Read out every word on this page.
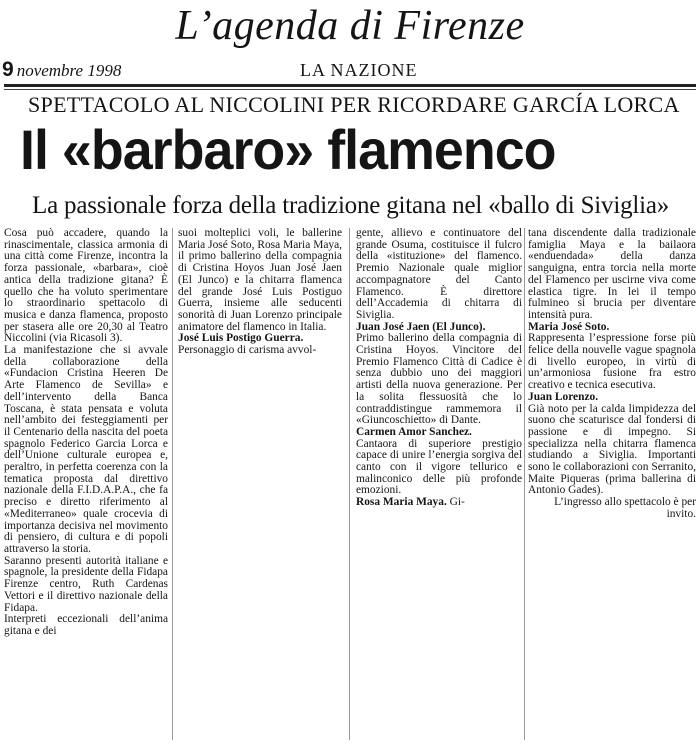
L’agenda di Firenze
9 novembre 1998	LA NAZIONE
SPETTACOLO AL NICCOLINI PER RICORDARE GARCÍA LORCA
Il «barbaro» flamenco
La passionale forza della tradizione gitana nel «ballo di Siviglia»

Cosa può accadere, quando la rinascimentale, classica armonia di una città come Firenze, incontra la forza passionale, «barbara», cioè antica della tradizione gitana? È quello che ha voluto sperimentare lo straordinario spettacolo di musica e danza flamenca, proposto per stasera alle ore 20,30 al Teatro Niccolini (via Ricasoli 3).

La manifestazione che si avvale della collaborazione della «Fundacion Cristina Heeren De Arte Flamenco de Sevilla» e dell’intervento della Banca Toscana, è stata pensata e voluta nell’ambito dei festeggiamenti per il Centenario della nascita del poeta spagnolo Federico Garcia Lorca e dell’Unione culturale europea e, peraltro, in perfetta coerenza con la tematica proposta dal direttivo nazionale della F.I.D.A.P.A., che fa preciso e diretto riferimento al «Mediterraneo» quale crocevia di importanza decisiva nel movimento di pensiero, di cultura e di popoli attraverso la storia.

Saranno presenti autorità italiane e spagnole, la presidente della Fidapa Firenze centro, Ruth Cardenas Vettori e il direttivo nazionale della Fidapa.

Interpreti eccezionali dell’anima gitana e dei

suoi molteplici voli, le ballerine Maria José Soto, Rosa Maria Maya, il primo ballerino della compagnia di Cristina Hoyos Juan José Jaen (El Junco) e la chitarra flamenca del grande José Luis Postiguo Guerra, insieme alle seducenti sonorità di Juan Lorenzo principale animatore del flamenco in Italia.

José Luis Postigo Guerra.

Personaggio di carisma avvol-

gente, allievo e continuatore del grande Osuma, costituisce il fulcro della «istituzione» del flamenco. Premio Nazionale quale miglior accompagnatore del Canto Flamenco. È direttore dell’Accademia di chitarra di Siviglia.

Juan José Jaen (El Junco).

Primo ballerino della compagnia di Cristina Hoyos. Vincitore del Premio Flamenco Città di Cadice è senza dubbio uno dei maggiori artisti della nuova generazione. Per la solita flessuosità che lo contraddistingue rammemora il «Giuncoschietto» di Dante.

Carmen Amor Sanchez.

Cantaora di superiore prestigio capace di unire l’energia sorgiva del canto con il vigore tellurico e malinconico delle più profonde emozioni.

Rosa Maria Maya. Gi-

tana discendente dalla tradizionale famiglia Maya e la bailaora «enduendada» della danza sanguigna, entra torcia nella morte del Flamenco per uscirne viva come elastica tigre. In lei il tempo fulmineo si brucia per diventare intensità pura.

Maria José Soto.

Rappresenta l’espressione forse più felice della nouvelle vague spagnola di livello europeo, in virtù di un’armoniosa fusione fra estro creativo e tecnica esecutiva.

Juan Lorenzo.

Già noto per la calda limpidezza del suono che scaturisce dal fondersi di passione e di impegno. Si specializza nella chitarra flamenca studiando a Siviglia. Importanti sono le collaborazioni con Serranito, Maite Piqueras (prima ballerina di Antonio Gades).

L’ingresso allo spettacolo è per invito.
